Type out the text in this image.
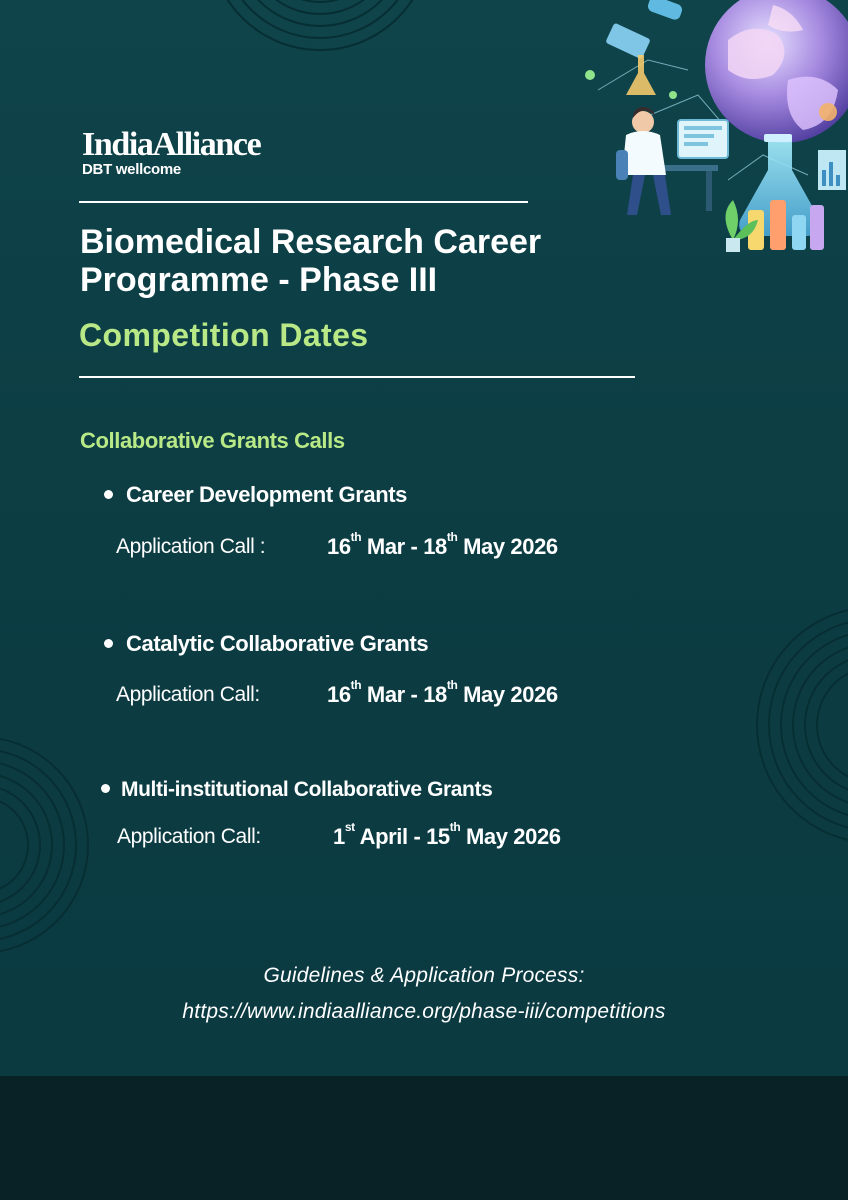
IndiaAlliance
DBT wellcome
Biomedical Research Career Programme - Phase III
Competition Dates
Collaborative Grants Calls
Career Development Grants
Application Call :	16th Mar - 18th May 2026
Catalytic Collaborative Grants
Application Call:	16th Mar - 18th May 2026
Multi-institutional Collaborative Grants
Application Call:	1st April - 15th May 2026
Guidelines & Application Process:
https://www.indiaalliance.org/phase-iii/competitions
